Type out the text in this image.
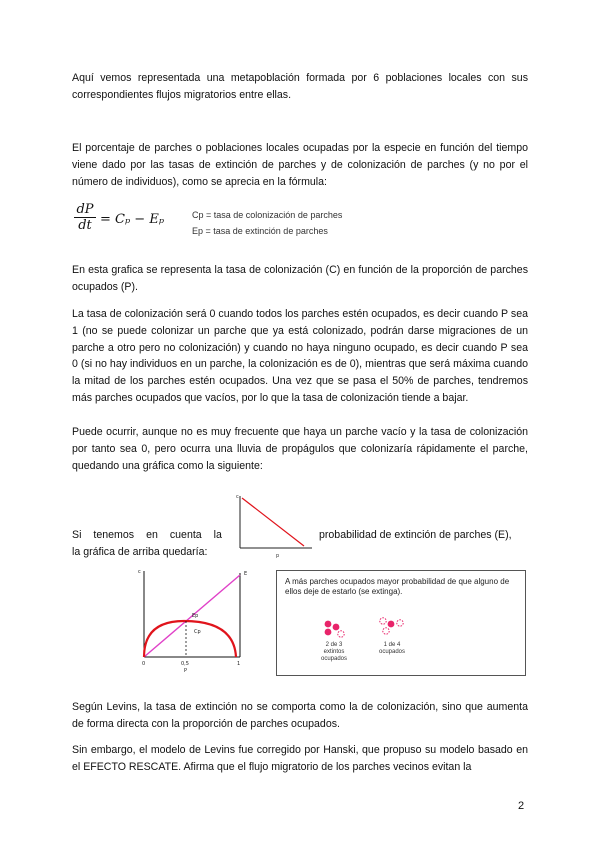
Aquí vemos representada una metapoblación formada por 6 poblaciones locales con sus correspondientes flujos migratorios entre ellas.

El porcentaje de parches o poblaciones locales ocupadas por la especie en función del tiempo viene dado por las tasas de extinción de parches y de colonización de parches (y no por el número de individuos), como se aprecia en la fórmula:

$\frac{dP}{dt} = C_p - E_p$	Cp = tasa de colonización de parches
Ep = tasa de extinción de parches

En esta grafica se representa la tasa de colonización (C) en función de la proporción de parches ocupados (P).

La tasa de colonización será 0 cuando todos los parches estén ocupados, es decir cuando P sea 1 (no se puede colonizar un parche que ya está colonizado, podrán darse migraciones de un parche a otro pero no colonización) y cuando no haya ninguno ocupado, es decir cuando P sea 0 (si no hay individuos en un parche, la colonización es de 0), mientras que será máxima cuando la mitad de los parches estén ocupados. Una vez que se pasa el 50% de parches, tendremos más parches ocupados que vacíos, por lo que la tasa de colonización tiende a bajar.

Puede ocurrir, aunque no es muy frecuente que haya un parche vacío y la tasa de colonización por tanto sea 0, pero ocurra una lluvia de propágulos que colonizaría rápidamente el parche, quedando una gráfica como la siguiente:

c
p
Si tenemos en cuenta la	probabilidad de extinción de parches (E),
la gráfica de arriba quedaría:
c	E
Ep
Cp
0	0,5	1
P
A más parches ocupados mayor probabilidad de que alguno de ellos deje de estarlo (se extinga).
2 de 3 extintos ocupados
1 de 4 ocupados

Según Levins, la tasa de extinción no se comporta como la de colonización, sino que aumenta de forma directa con la proporción de parches ocupados.

Sin embargo, el modelo de Levins fue corregido por Hanski, que propuso su modelo basado en el EFECTO RESCATE. Afirma que el flujo migratorio de los parches vecinos evitan la

2
